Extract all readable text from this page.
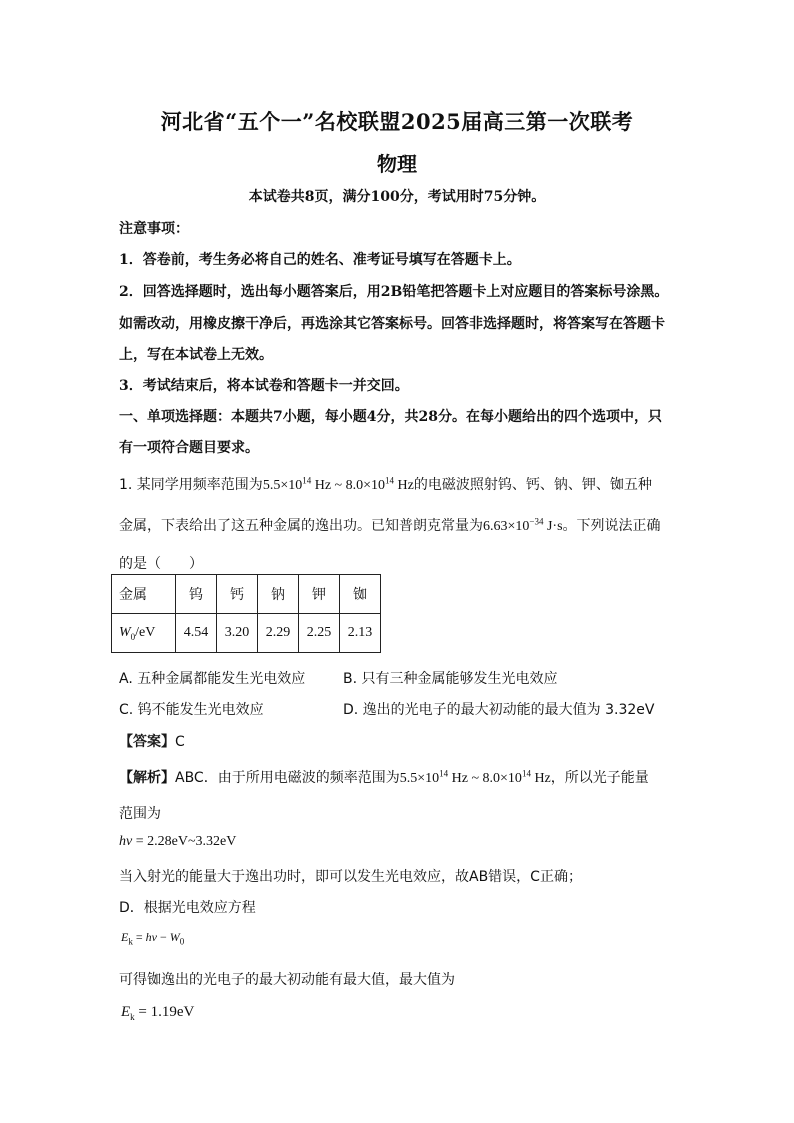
河北省“五个一”名校联盟2025届高三第一次联考
物理
本试卷共8页，满分100分，考试用时75分钟。
注意事项：
1．答卷前，考生务必将自己的姓名、准考证号填写在答题卡上。
2．回答选择题时，选出每小题答案后，用2B铅笔把答题卡上对应题目的答案标号涂黑。
如需改动，用橡皮擦干净后，再选涂其它答案标号。回答非选择题时，将答案写在答题卡
上，写在本试卷上无效。
3．考试结束后，将本试卷和答题卡一并交回。
一、单项选择题：本题共7小题，每小题4分，共28分。在每小题给出的四个选项中，只
有一项符合题目要求。
1. 某同学用频率范围为$5.5\times 10^{14}$ Hz ~ $8.0\times 10^{14}$ Hz的电磁波照射钨、钙、钠、钾、铷五种
金属，下表给出了这五种金属的逸出功。已知普朗克常量为$6.63\times 10^{-34}$ J·s。下列说法正确
的是（　　）
金属	钨	钙	钠	钾	铷
$W_0/eV$	4.54	3.20	2.29	2.25	2.13
A. 五种金属都能发生光电效应	B. 只有三种金属能够发生光电效应
C. 钨不能发生光电效应	D. 逸出的光电子的最大初动能的最大值为 3.32eV
【答案】C
【解析】ABC．由于所用电磁波的频率范围为$5.5\times 10^{14}$ Hz ~ $8.0\times 10^{14}$ Hz，所以光子能量
范围为
hν = 2.28eV~3.32eV
当入射光的能量大于逸出功时，即可以发生光电效应，故AB错误，C正确；
D．根据光电效应方程
$E_k = h\nu - W_0$
可得铷逸出的光电子的最大初动能有最大值，最大值为
$E_k = 1.19eV$
